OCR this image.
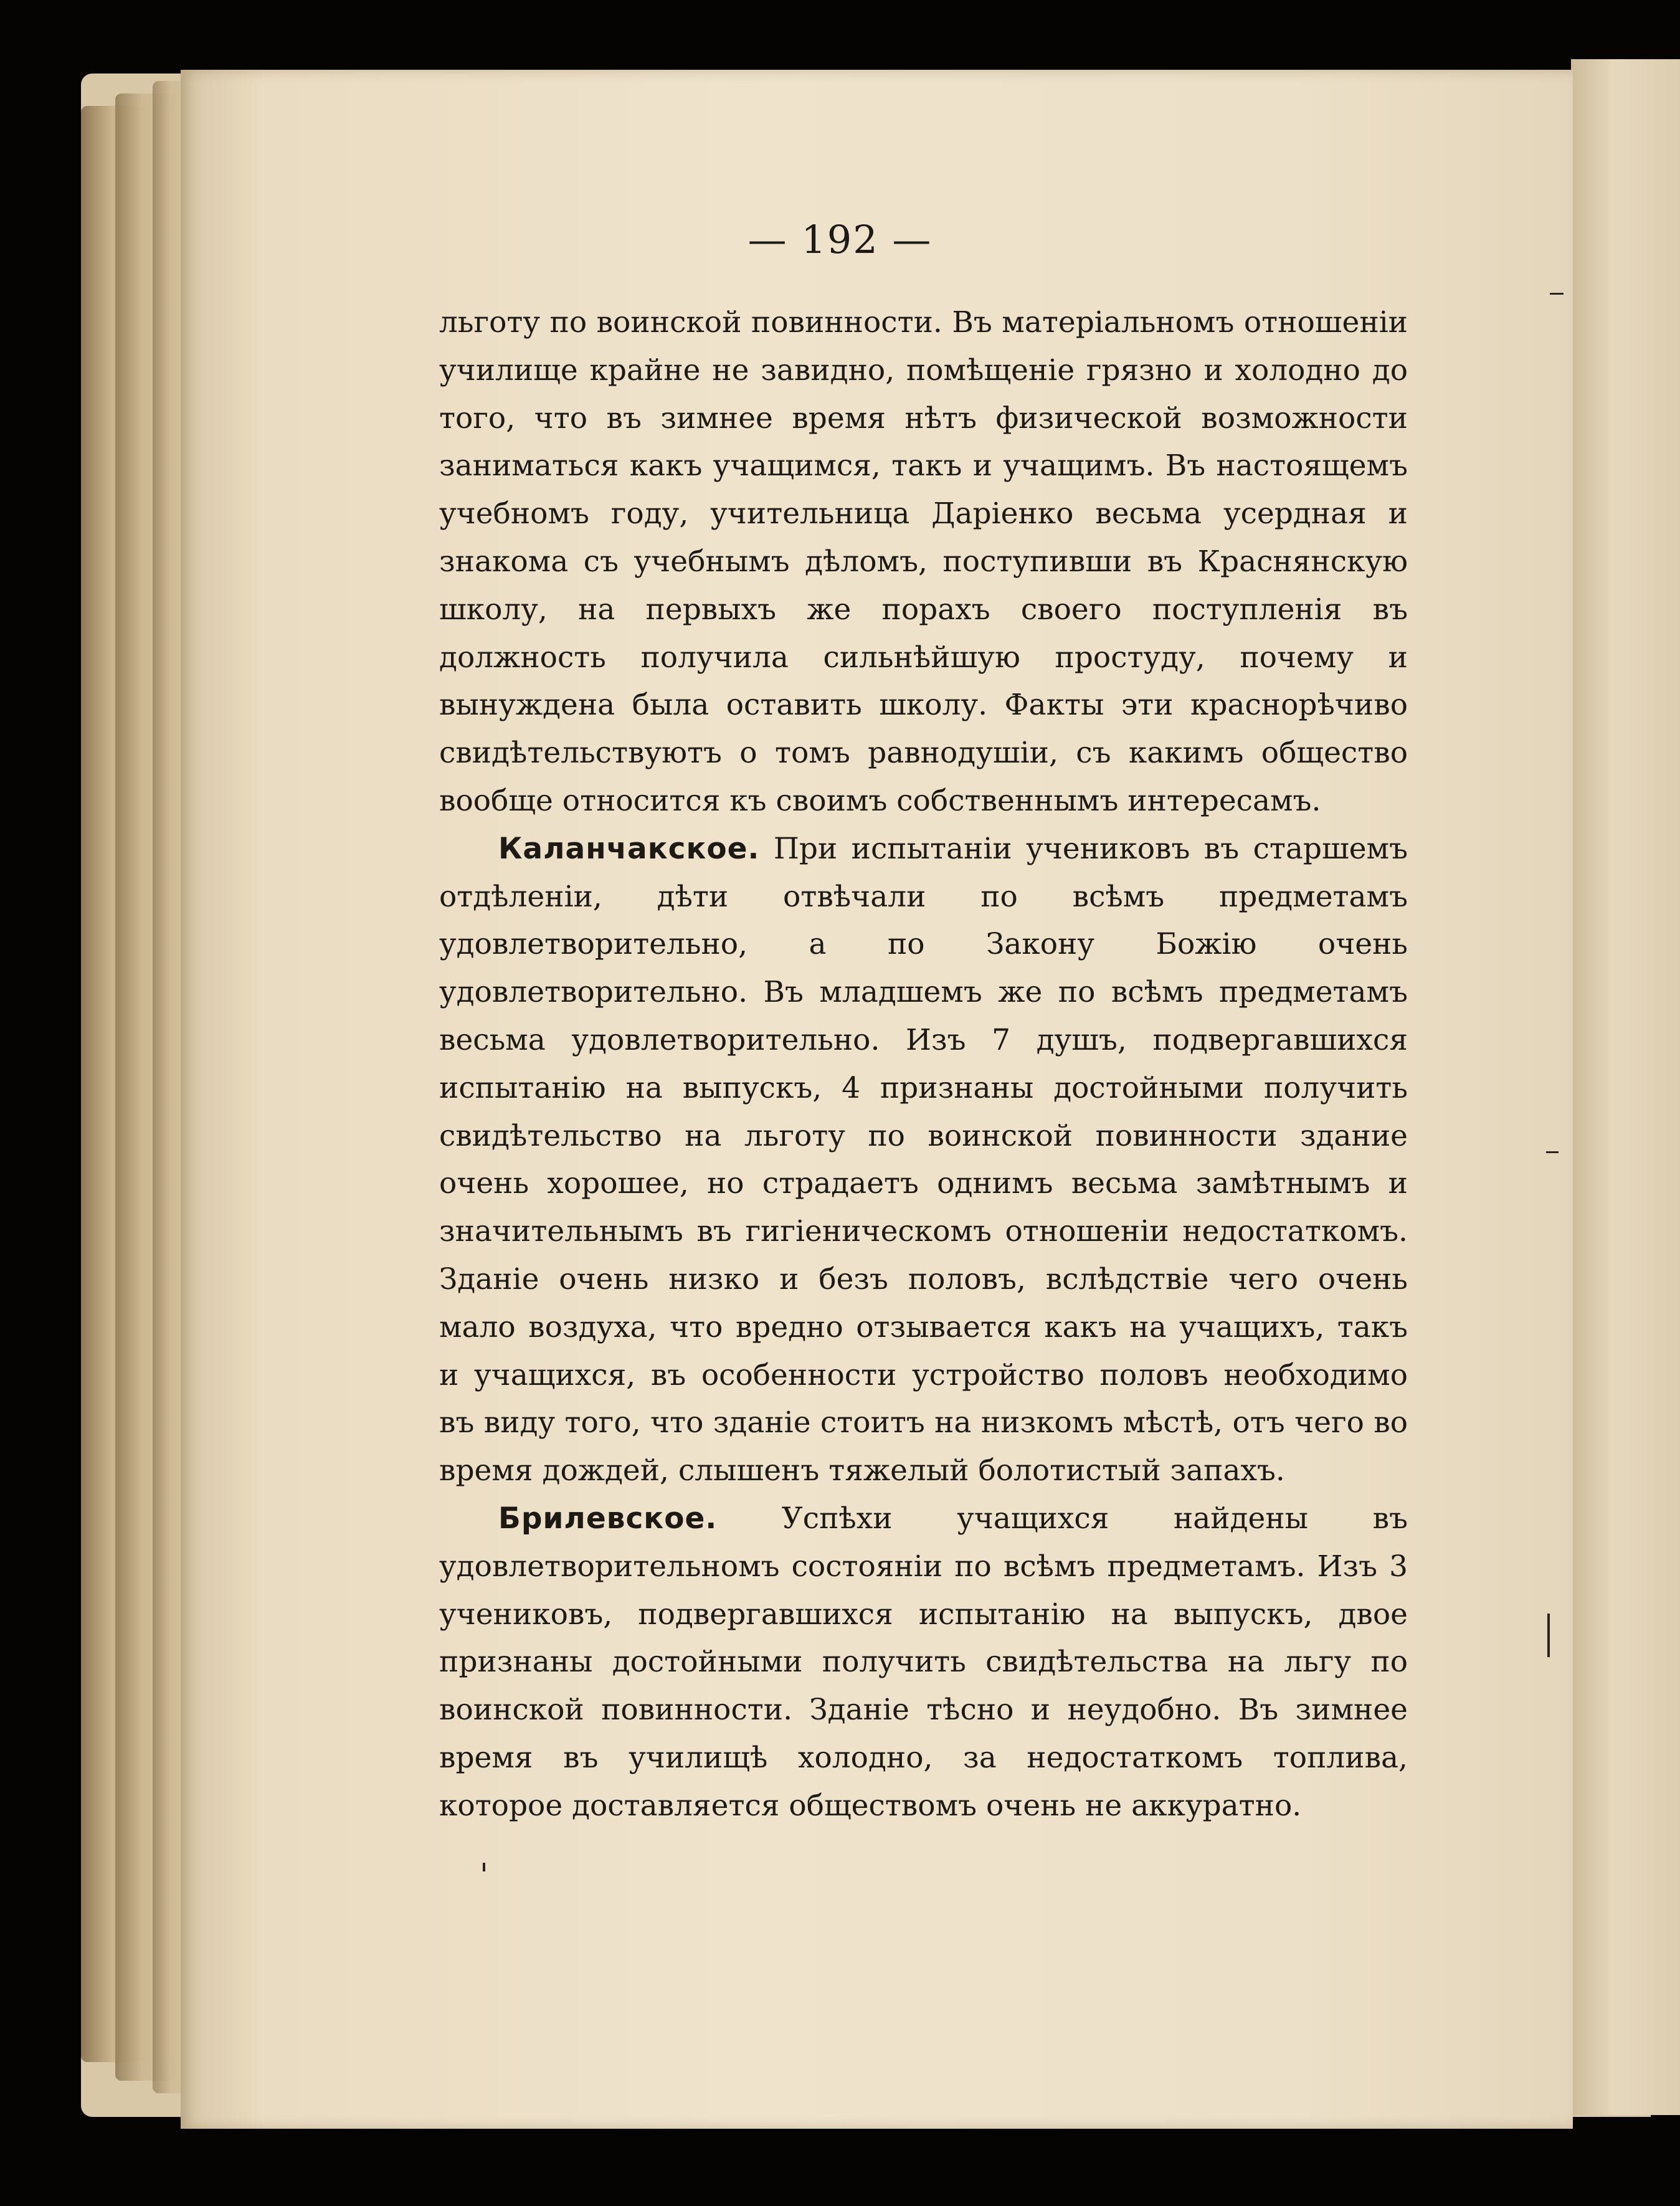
— 192 —

льготу по воинской повинности. Въ матеріальномъ отношеніи училище крайне не завидно, помѣщеніе грязно и холодно до того, что въ зимнее время нѣтъ физической возможности заниматься какъ учащимся, такъ и учащимъ. Въ настоящемъ учебномъ году, учительница Даріенко весьма усердная и знакома съ учебнымъ дѣломъ, поступивши въ Краснянскую школу, на первыхъ же порахъ своего поступленія въ должность получила сильнѣйшую простуду, почему и вынуждена была оставить школу. Факты эти краснорѣчиво свидѣтельствуютъ о томъ равнодушіи, съ какимъ общество вообще относится къ своимъ собственнымъ интересамъ.

Каланчакское. При испытаніи учениковъ въ старшемъ отдѣленіи, дѣти отвѣчали по всѣмъ предметамъ удовлетворительно, а по Закону Божію очень удовлетворительно. Въ младшемъ же по всѣмъ предметамъ весьма удовлетворительно. Изъ 7 душъ, подвергавшихся испытанію на выпускъ, 4 признаны достойными получить свидѣтельство на льготу по воинской повинности здание очень хорошее, но страдаетъ однимъ весьма замѣтнымъ и значительнымъ въ гигіеническомъ отношеніи недостаткомъ. Зданіе очень низко и безъ половъ, вслѣдствіе чего очень мало воздуха, что вредно отзывается какъ на учащихъ, такъ и учащихся, въ особенности устройство половъ необходимо въ виду того, что зданіе стоитъ на низкомъ мѣстѣ, отъ чего во время дождей, слышенъ тяжелый болотистый запахъ.

Брилевское. Успѣхи учащихся найдены въ удовлетворительномъ состояніи по всѣмъ предметамъ. Изъ 3 учениковъ, подвергавшихся испытанію на выпускъ, двое признаны достойными получить свидѣтельства на льгу по воинской повинности. Зданіе тѣсно и неудобно. Въ зимнее время въ училищѣ холодно, за недостаткомъ топлива, которое доставляется обществомъ очень не аккуратно.
